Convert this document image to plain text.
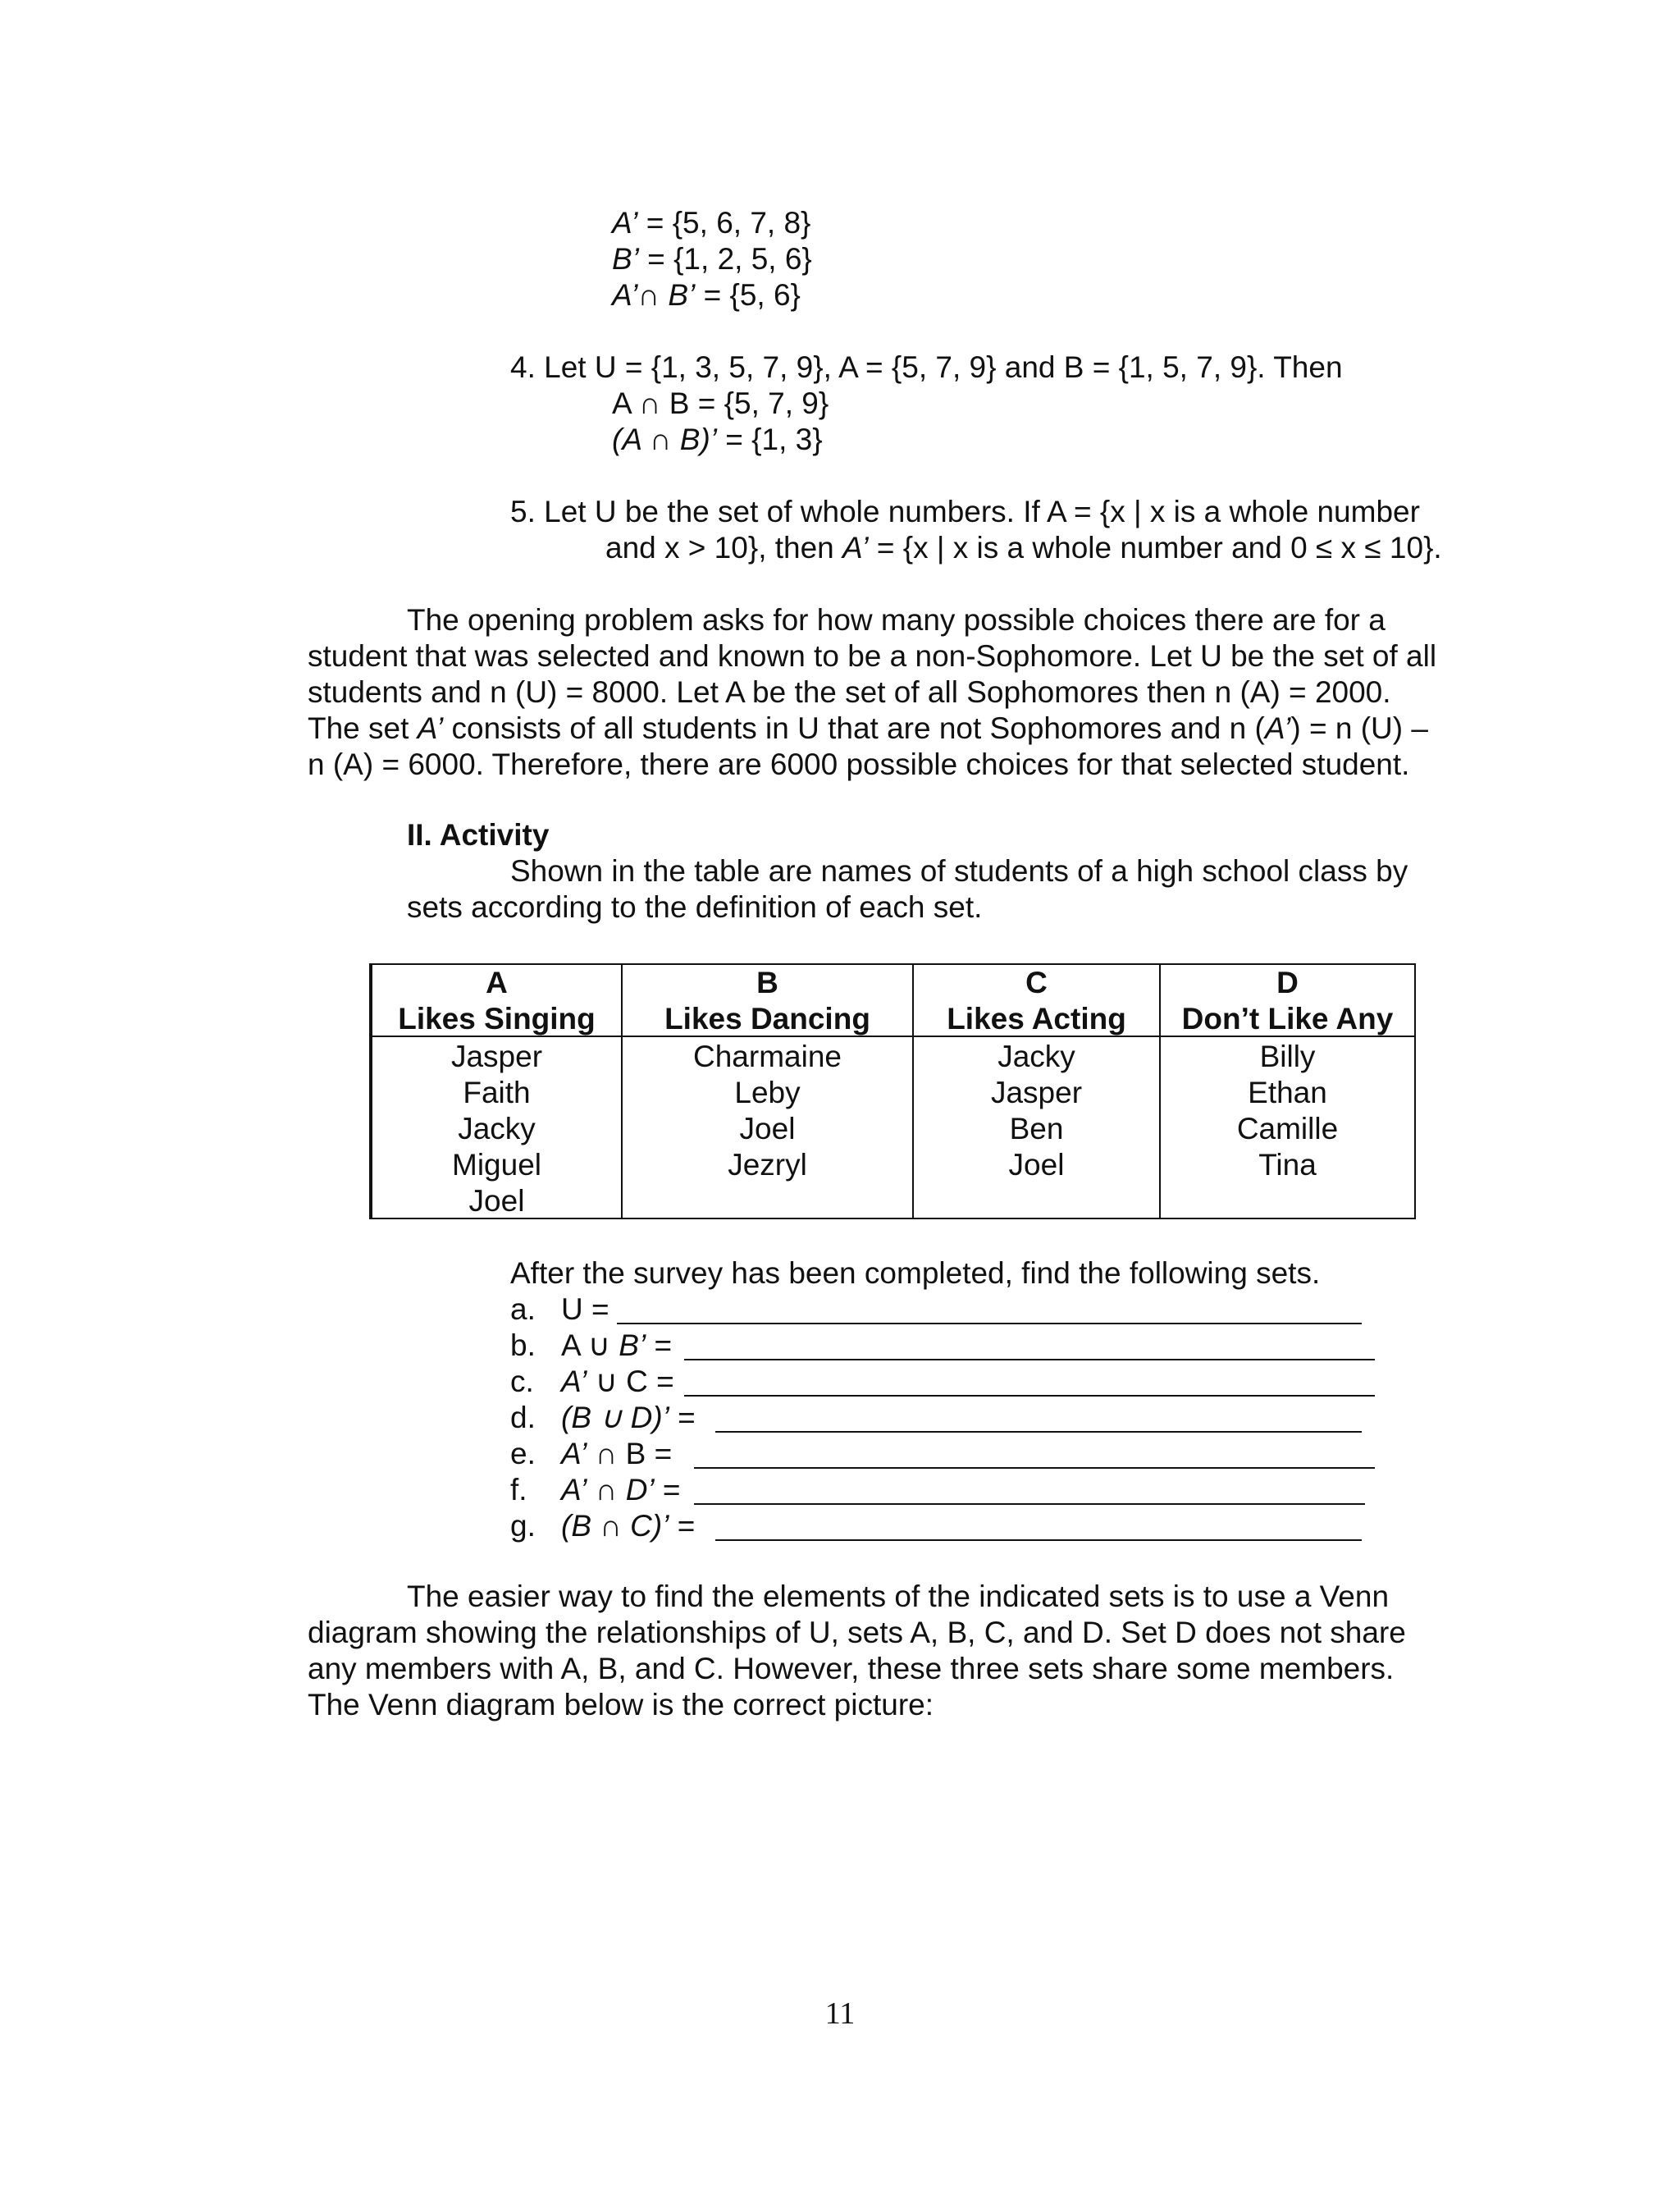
A’ = {5, 6, 7, 8}
B’ = {1, 2, 5, 6}
A’∩ B’ = {5, 6}
4. Let U = {1, 3, 5, 7, 9}, A = {5, 7, 9} and B = {1, 5, 7, 9}. Then
A ∩ B = {5, 7, 9}
(A ∩ B)’ = {1, 3}
5. Let U be the set of whole numbers. If A = {x | x is a whole number
and x > 10}, then A’ = {x | x is a whole number and 0 ≤ x ≤ 10}.
The opening problem asks for how many possible choices there are for a
student that was selected and known to be a non-Sophomore. Let U be the set of all
students and n (U) = 8000. Let A be the set of all Sophomores then n (A) = 2000.
The set A’ consists of all students in U that are not Sophomores and n (A’) = n (U) –
n (A) = 6000. Therefore, there are 6000 possible choices for that selected student.
II. Activity
Shown in the table are names of students of a high school class by
sets according to the definition of each set.
A
Likes Singing
Jasper
Faith
Jacky
Miguel
Joel
B
Likes Dancing
Charmaine
Leby
Joel
Jezryl
C
Likes Acting
Jacky
Jasper
Ben
Joel
D
Don’t Like Any
Billy
Ethan
Camille
Tina
After the survey has been completed, find the following sets.
a. U =
b. A ∪ B’ =
c. A’ ∪ C =
d. (B ∪ D)’ =
e. A’ ∩ B =
f. A’ ∩ D’ =
g. (B ∩ C)’ =
The easier way to find the elements of the indicated sets is to use a Venn
diagram showing the relationships of U, sets A, B, C, and D. Set D does not share
any members with A, B, and C. However, these three sets share some members.
The Venn diagram below is the correct picture:
11
